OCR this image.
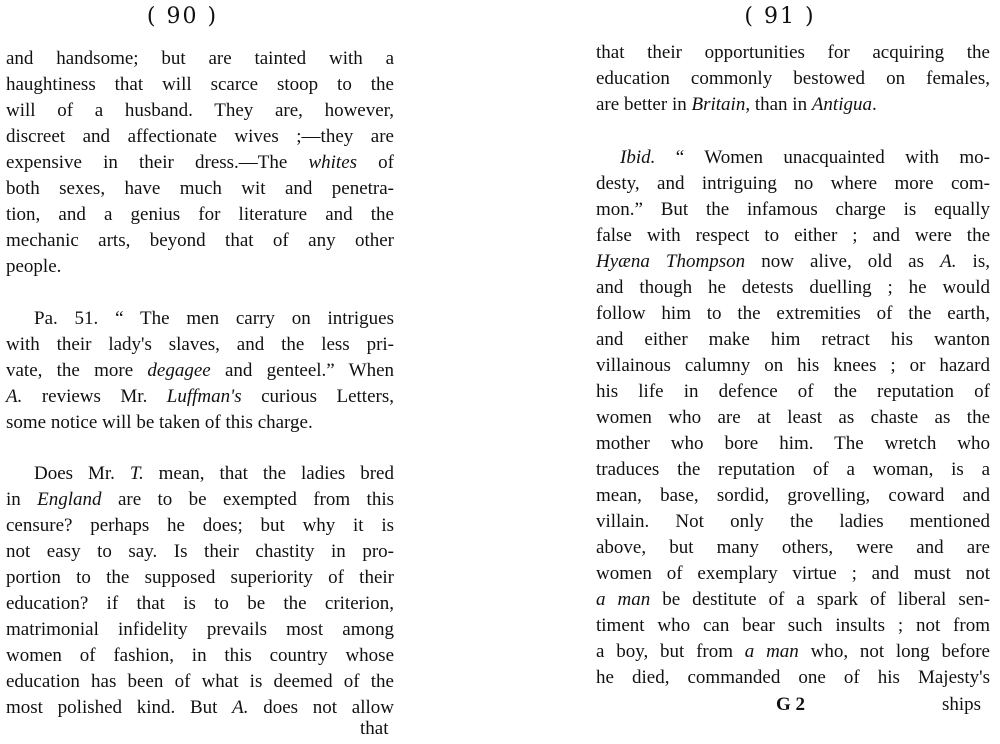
( 90 )
and handsome; but are tainted with a
haughtiness that will scarce stoop to the
will of a husband. They are, however,
discreet and affectionate wives ;—they are
expensive in their dress.—The whites of
both sexes, have much wit and penetra-
tion, and a genius for literature and the
mechanic arts, beyond that of any other
people.
Pa. 51. “ The men carry on intrigues
with their lady's slaves, and the less pri-
vate, the more degagee and genteel.” When
A. reviews Mr. Luffman's curious Letters,
some notice will be taken of this charge.
Does Mr. T. mean, that the ladies bred
in England are to be exempted from this
censure? perhaps he does; but why it is
not easy to say. Is their chastity in pro-
portion to the supposed superiority of their
education? if that is to be the criterion,
matrimonial infidelity prevails most among
women of fashion, in this country whose
education has been of what is deemed of the
most polished kind. But A. does not allow
that
( 91 )
that their opportunities for acquiring the
education commonly bestowed on females,
are better in Britain, than in Antigua.
Ibid. “ Women unacquainted with mo-
desty, and intriguing no where more com-
mon.” But the infamous charge is equally
false with respect to either ; and were the
Hyæna Thompson now alive, old as A. is,
and though he detests duelling ; he would
follow him to the extremities of the earth,
and either make him retract his wanton
villainous calumny on his knees ; or hazard
his life in defence of the reputation of
women who are at least as chaste as the
mother who bore him. The wretch who
traduces the reputation of a woman, is a
mean, base, sordid, grovelling, coward and
villain. Not only the ladies mentioned
above, but many others, were and are
women of exemplary virtue ; and must not
a man be destitute of a spark of liberal sen-
timent who can bear such insults ; not from
a boy, but from a man who, not long before
he died, commanded one of his Majesty's
G 2	ships
